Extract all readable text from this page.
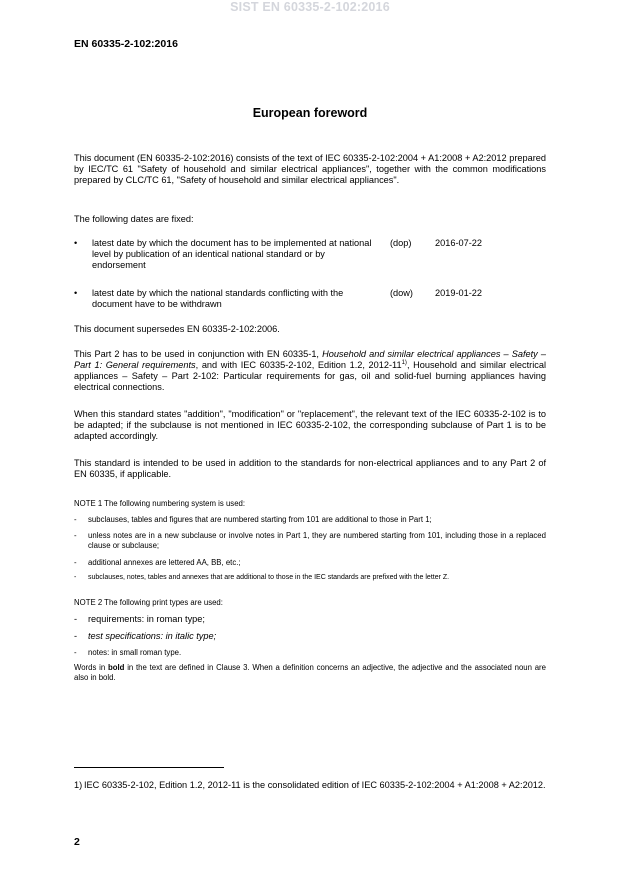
SIST EN 60335-2-102:2016
EN 60335-2-102:2016
European foreword
This document (EN 60335-2-102:2016) consists of the text of IEC 60335-2-102:2004 + A1:2008 + A2:2012 prepared by IEC/TC 61 "Safety of household and similar electrical appliances", together with the common modifications prepared by CLC/TC 61, "Safety of household and similar electrical appliances".
The following dates are fixed:
• latest date by which the document has to be implemented at national level by publication of an identical national standard or by endorsement
(dop)	2016-07-22
• latest date by which the national standards conflicting with the document have to be withdrawn
(dow) 2019-01-22
This document supersedes EN 60335-2-102:2006.
This Part 2 has to be used in conjunction with EN 60335-1, Household and similar electrical appliances – Safety – Part 1: General requirements, and with IEC 60335-2-102, Edition 1.2, 2012-11$^{1)}$, Household and similar electrical appliances – Safety – Part 2-102: Particular requirements for gas, oil and solid-fuel burning appliances having electrical connections.
When this standard states "addition", "modification" or "replacement", the relevant text of the IEC 60335-2-102 is to be adapted; if the subclause is not mentioned in IEC 60335-2-102, the corresponding subclause of Part 1 is to be adapted accordingly.
This standard is intended to be used in addition to the standards for non-electrical appliances and to any Part 2 of EN 60335, if applicable.
NOTE 1 The following numbering system is used:
- subclauses, tables and figures that are numbered starting from 101 are additional to those in Part 1;
- unless notes are in a new subclause or involve notes in Part 1, they are numbered starting from 101, including those in a replaced clause or subclause;
- additional annexes are lettered AA, BB, etc.;
- subclauses, notes, tables and annexes that are additional to those in the IEC standards are prefixed with the letter Z.
NOTE 2 The following print types are used:
- requirements: in roman type;
- test specifications: in italic type;
- notes: in small roman type.
Words in bold in the text are defined in Clause 3. When a definition concerns an adjective, the adjective and the associated noun are also in bold.
1) IEC 60335-2-102, Edition 1.2, 2012-11 is the consolidated edition of IEC 60335-2-102:2004 + A1:2008 + A2:2012.
2
